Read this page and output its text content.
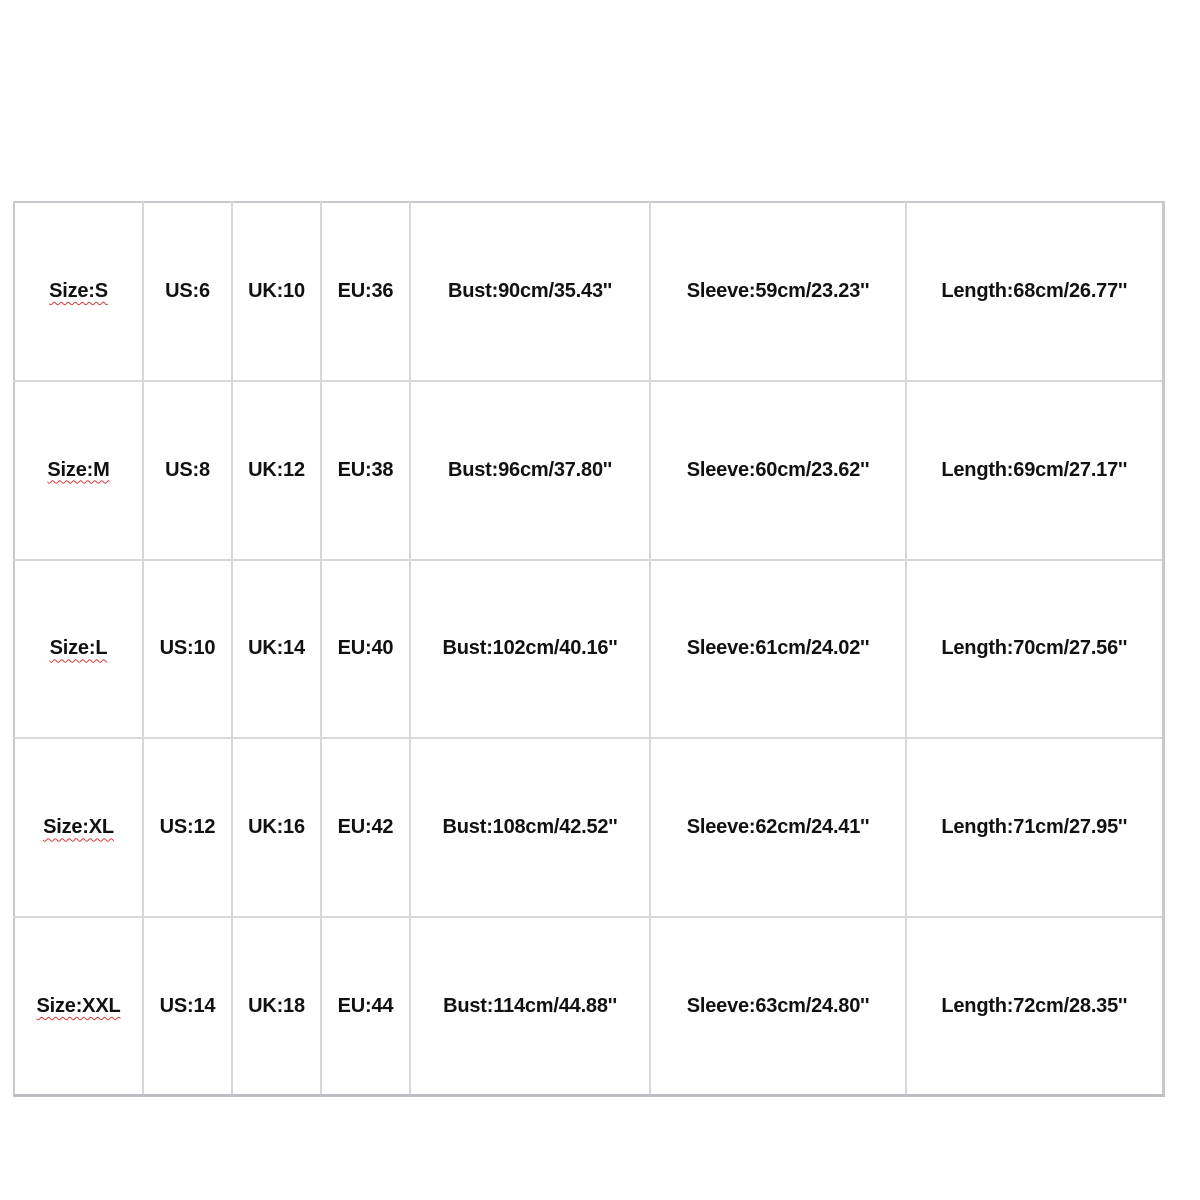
Size:S	US:6	UK:10	EU:36	Bust:90cm/35.43''	Sleeve:59cm/23.23''	Length:68cm/26.77''
Size:M	US:8	UK:12	EU:38	Bust:96cm/37.80''	Sleeve:60cm/23.62''	Length:69cm/27.17''
Size:L	US:10	UK:14	EU:40	Bust:102cm/40.16''	Sleeve:61cm/24.02''	Length:70cm/27.56''
Size:XL	US:12	UK:16	EU:42	Bust:108cm/42.52''	Sleeve:62cm/24.41''	Length:71cm/27.95''
Size:XXL	US:14	UK:18	EU:44	Bust:114cm/44.88''	Sleeve:63cm/24.80''	Length:72cm/28.35''
